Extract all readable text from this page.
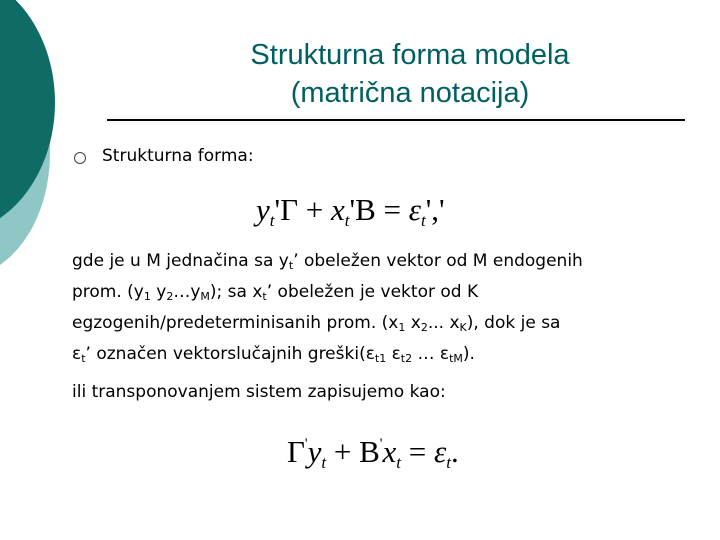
Strukturna forma modela
(matrična notacija)
Strukturna forma:
$y_t'\Gamma + x_t'B = \varepsilon_t','$
gde je u M jednačina sa $y_t$’ obeležen vektor od M endogenih
prom. ($y_1$ $y_2\dots y_M$); sa $x_t$’ obeležen je vektor od K
egzogenih/predeterminisanih prom. ($x_1$ $x_2$... $x_K$), dok je sa
$\varepsilon_t$’ označen vektorslučajnih $greški(\varepsilon_{t1}$ $\varepsilon_{t2}$ … $\varepsilon_{tM}$).
ili transponovanjem sistem zapisujemo kao:
$\Gamma'y_t + B'x_t = \varepsilon_t$.
